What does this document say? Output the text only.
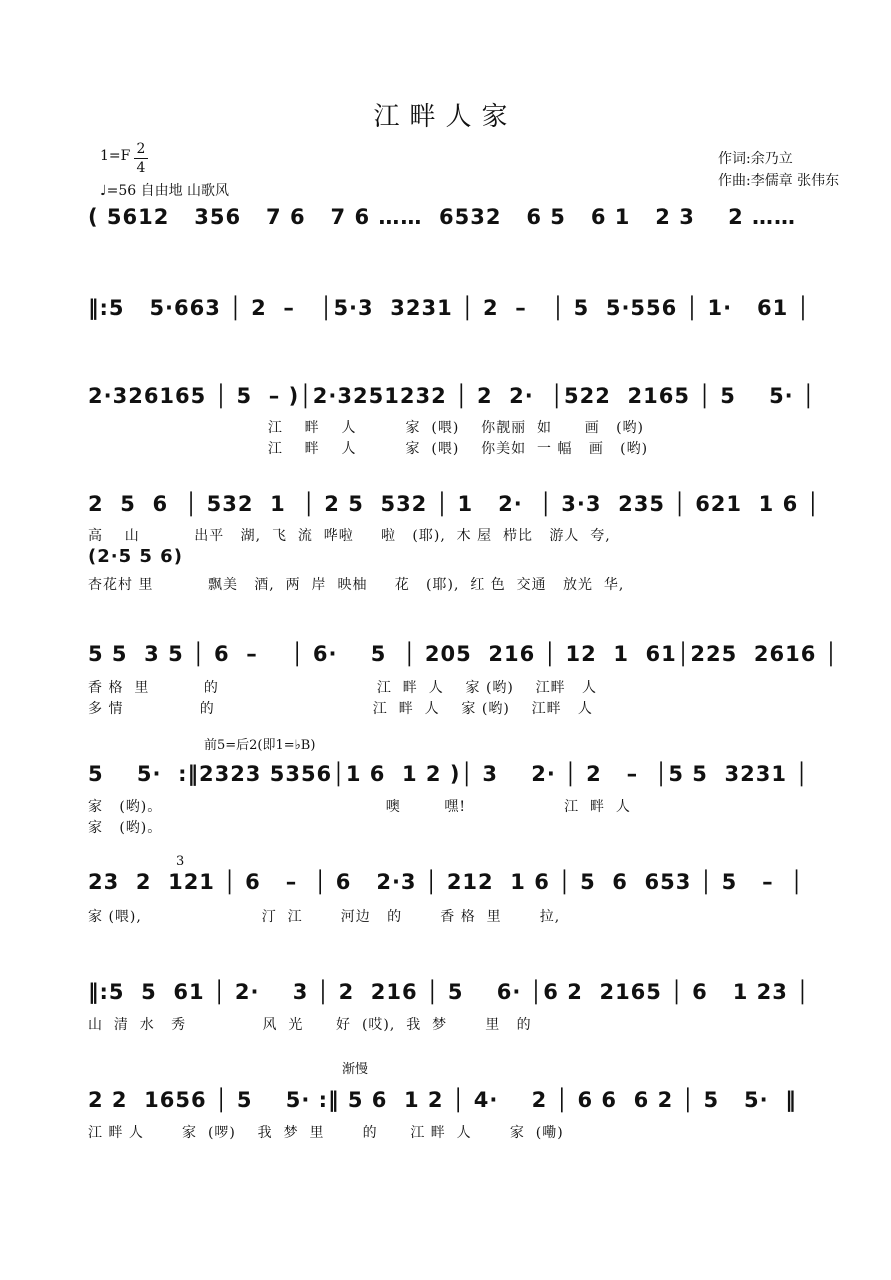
江畔人家
1=F 2
4
♩=56 自由地 山歌风
作词:余乃立
作曲:李儒章 张伟东
( 5612   356   7 6   7 6 ……  6532   6 5   6 1   2 3    2 ……
‖:5   5·663 │ 2  –   │5·3  3231 │ 2  –   │ 5  5·556 │ 1·   61 │
2·326165 │ 5  – )│2·3251232 │ 2  2·  │522  2165 │ 5    5· │
江    畔    人         家  (喂)    你靓丽  如      画   (哟)
江    畔    人         家  (喂)    你美如  一 幅   画   (哟)
2  5  6  │ 532  1  │ 2 5  532 │ 1   2·  │ 3·3  235 │ 621  1 6 │
高    山          出平   湖,  飞  流  哗啦     啦   (耶),  木 屋  栉比   游人  夸,
(2·5 5 6)
杏花村 里          飘美   酒,  两  岸  映柚     花   (耶),  红 色  交通   放光  华,
5 5  3 5 │ 6  –    │ 6·    5  │ 205  216 │ 12  1  61│225  2616 │
香 格  里          的                             江  畔  人    家 (哟)    江畔   人
多 情              的                             江  畔  人    家 (哟)    江畔   人
前5=后2(即1=♭B)
5    5·  :‖2323 5356│1 6  1 2 )│ 3    2· │ 2   –  │5 5  3231 │
家   (哟)。                                         噢        嘿!                  江  畔  人
家   (哟)。
3
23  2  121 │ 6   –  │ 6   2·3 │ 212  1 6 │ 5  6  653 │ 5   –  │
家 (喂),                      汀  江       河边   的       香 格  里       拉,
‖:5  5  61 │ 2·    3 │ 2  216 │ 5    6· │6 2  2165 │ 6   1 23 │
山  清  水   秀              风  光      好  (哎),  我  梦       里   的
渐慢
2 2  1656 │ 5    5· :‖ 5 6  1 2 │ 4·    2 │ 6 6  6 2 │ 5   5·  ‖
江 畔 人       家  (啰)    我  梦  里       的      江 畔  人       家  (嘞)
